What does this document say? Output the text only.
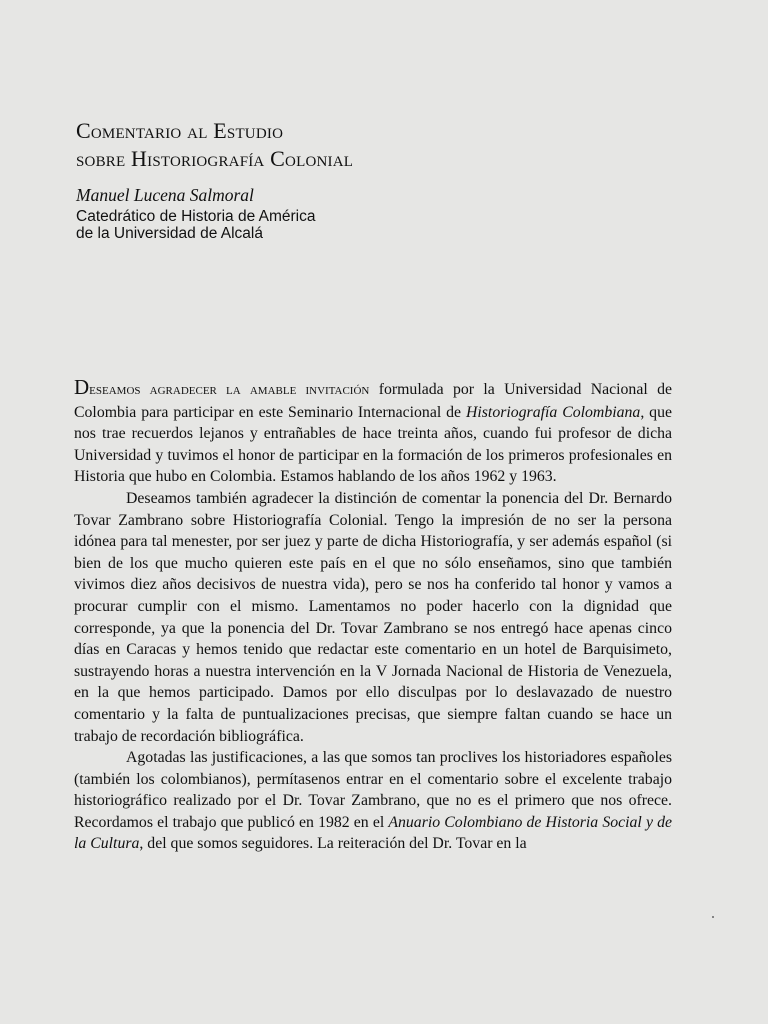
Comentario al Estudio
sobre Historiografía Colonial
Manuel Lucena Salmoral
Catedrático de Historia de América
de la Universidad de Alcalá

Deseamos agradecer la amable invitación formulada por la Universidad Nacional de Colombia para participar en este Seminario Internacional de Historiografía Colombiana, que nos trae recuerdos lejanos y entrañables de hace treinta años, cuando fui profesor de dicha Universidad y tuvimos el honor de participar en la formación de los primeros profesionales en Historia que hubo en Colombia. Estamos hablando de los años 1962 y 1963.

Deseamos también agradecer la distinción de comentar la ponencia del Dr. Bernardo Tovar Zambrano sobre Historiografía Colonial. Tengo la impresión de no ser la persona idónea para tal menester, por ser juez y parte de dicha Historiografía, y ser además español (si bien de los que mucho quieren este país en el que no sólo enseñamos, sino que también vivimos diez años decisivos de nuestra vida), pero se nos ha conferido tal honor y vamos a procurar cumplir con el mismo. Lamentamos no poder hacerlo con la dignidad que corresponde, ya que la ponencia del Dr. Tovar Zambrano se nos entregó hace apenas cinco días en Caracas y hemos tenido que redactar este comentario en un hotel de Barquisimeto, sustrayendo horas a nuestra intervención en la V Jornada Nacional de Historia de Venezuela, en la que hemos participado. Damos por ello disculpas por lo deslavazado de nuestro comentario y la falta de puntualizaciones precisas, que siempre faltan cuando se hace un trabajo de recordación bibliográfica.

Agotadas las justificaciones, a las que somos tan proclives los historiadores españoles (también los colombianos), permítasenos entrar en el comentario sobre el excelente trabajo historiográfico realizado por el Dr. Tovar Zambrano, que no es el primero que nos ofrece. Recordamos el trabajo que publicó en 1982 en el Anuario Colombiano de Historia Social y de la Cultura, del que somos seguidores. La reiteración del Dr. Tovar en la
